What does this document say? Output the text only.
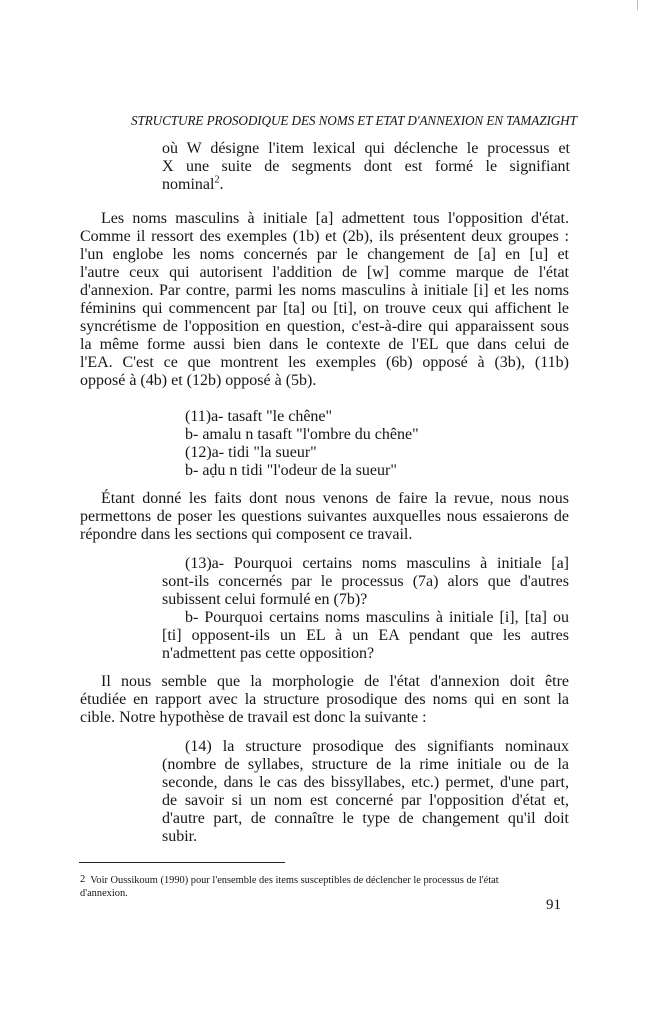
STRUCTURE PROSODIQUE DES NOMS ET ETAT D'ANNEXION EN TAMAZIGHT
où W désigne l'item lexical qui déclenche le processus et
X une suite de segments dont est formé le signifiant
nominal$^2$.
Les noms masculins à initiale [a] admettent tous l'opposition d'état.
Comme il ressort des exemples (1b) et (2b), ils présentent deux groupes :
l'un englobe les noms concernés par le changement de [a] en [u] et
l'autre ceux qui autorisent l'addition de [w] comme marque de l'état
d'annexion. Par contre, parmi les noms masculins à initiale [i] et les noms
féminins qui commencent par [ta] ou [ti], on trouve ceux qui affichent le
syncrétisme de l'opposition en question, c'est-à-dire qui apparaissent sous
la même forme aussi bien dans le contexte de l'EL que dans celui de
l'EA. C'est ce que montrent les exemples (6b) opposé à (3b), (11b)
opposé à (4b) et (12b) opposé à (5b).
(11)a- tasaft "le chêne"
b- amalu n tasaft "l'ombre du chêne"
(12)a- tidi "la sueur"
b- aḍu n tidi "l'odeur de la sueur"
Étant donné les faits dont nous venons de faire la revue, nous nous
permettons de poser les questions suivantes auxquelles nous essaierons de
répondre dans les sections qui composent ce travail.
(13)a- Pourquoi certains noms masculins à initiale [a]
sont-ils concernés par le processus (7a) alors que d'autres
subissent celui formulé en (7b)?
b- Pourquoi certains noms masculins à initiale [i], [ta] ou
[ti] opposent-ils un EL à un EA pendant que les autres
n'admettent pas cette opposition?
Il nous semble que la morphologie de l'état d'annexion doit être
étudiée en rapport avec la structure prosodique des noms qui en sont la
cible. Notre hypothèse de travail est donc la suivante :
(14) la structure prosodique des signifiants nominaux
(nombre de syllabes, structure de la rime initiale ou de la
seconde, dans le cas des bissyllabes, etc.) permet, d'une part,
de savoir si un nom est concerné par l'opposition d'état et,
d'autre part, de connaître le type de changement qu'il doit
subir.
2 Voir Oussikoum (1990) pour l'ensemble des items susceptibles de déclencher le processus de l'état
d'annexion.
91
